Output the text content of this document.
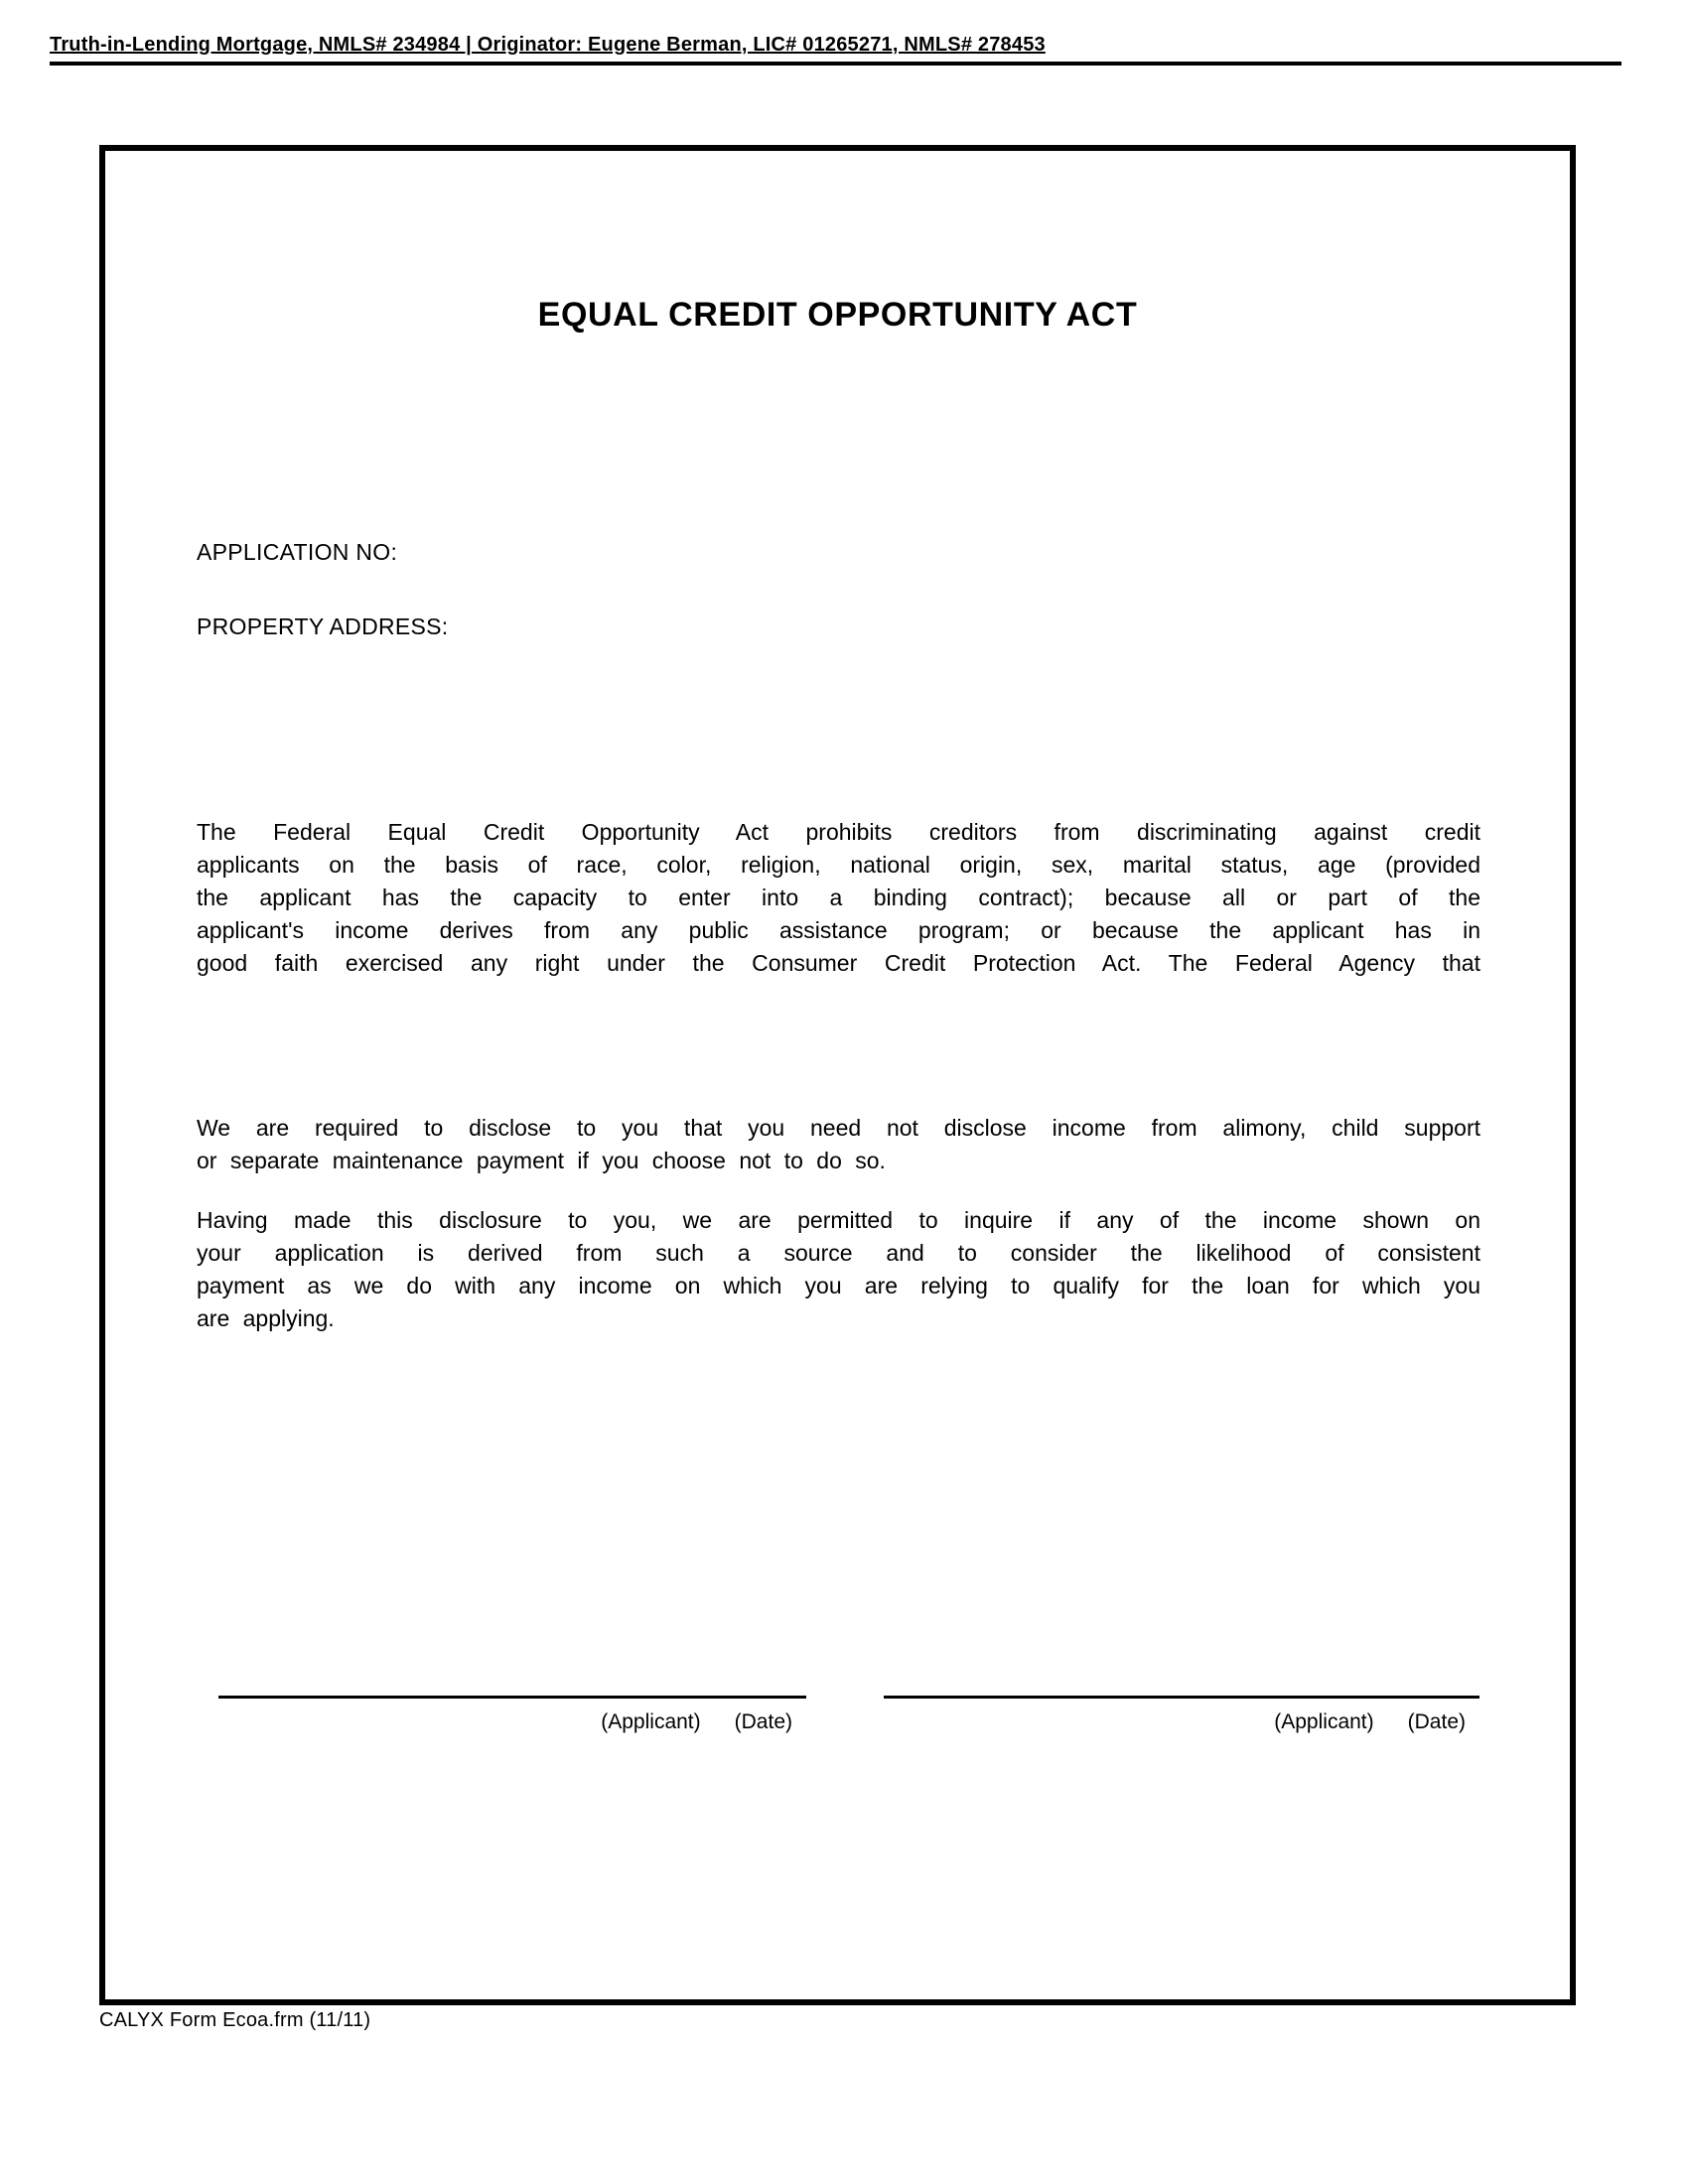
Truth-in-Lending Mortgage, NMLS# 234984 | Originator: Eugene Berman, LIC# 01265271, NMLS# 278453
EQUAL CREDIT OPPORTUNITY ACT
APPLICATION NO:
PROPERTY ADDRESS:
The Federal Equal Credit Opportunity Act prohibits creditors from discriminating against credit
applicants on the basis of race, color, religion, national origin, sex, marital status, age (provided
the applicant has the capacity to enter into a binding contract); because all or part of the
applicant's income derives from any public assistance program; or because the applicant has in
good faith exercised any right under the Consumer Credit Protection Act. The Federal Agency that
We are required to disclose to you that you need not disclose income from alimony, child support
or separate maintenance payment if you choose not to do so.
Having made this disclosure to you, we are permitted to inquire if any of the income shown on
your application is derived from such a source and to consider the likelihood of consistent
payment as we do with any income on which you are relying to qualify for the loan for which you
are applying.
(Applicant) (Date)	(Applicant) (Date)
CALYX Form Ecoa.frm (11/11)
